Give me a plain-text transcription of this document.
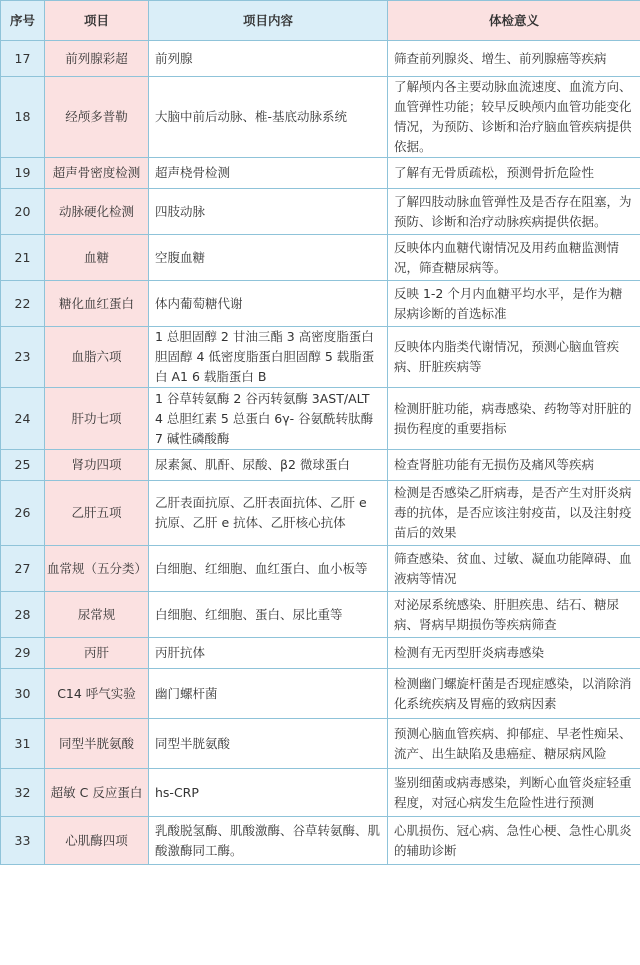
序号	项目	项目内容	体检意义
17	前列腺彩超	前列腺	筛查前列腺炎、增生、前列腺癌等疾病
18	经颅多普勒	大脑中前后动脉、椎-基底动脉系统	了解颅内各主要动脉血流速度、血流方向、血管弹性功能；较早反映颅内血管功能变化情况，为预防、诊断和治疗脑血管疾病提供依据。
19	超声骨密度检测	超声桡骨检测	了解有无骨质疏松，预测骨折危险性
20	动脉硬化检测	四肢动脉	了解四肢动脉血管弹性及是否存在阻塞，为预防、诊断和治疗动脉疾病提供依据。
21	血糖	空腹血糖	反映体内血糖代谢情况及用药血糖监测情况，筛查糖尿病等。
22	糖化血红蛋白	体内葡萄糖代谢	反映 1-2 个月内血糖平均水平，是作为糖尿病诊断的首选标准
23	血脂六项	1 总胆固醇 2 甘油三酯 3 高密度脂蛋白胆固醇 4 低密度脂蛋白胆固醇 5 载脂蛋白 A1 6 载脂蛋白 B	反映体内脂类代谢情况，预测心脑血管疾病、肝脏疾病等
24	肝功七项	1 谷草转氨酶 2 谷丙转氨酶 3AST/ALT 4 总胆红素 5 总蛋白 6γ- 谷氨酰转肽酶 7 碱性磷酸酶	检测肝脏功能，病毒感染、药物等对肝脏的损伤程度的重要指标
25	肾功四项	尿素氮、肌酐、尿酸、β2 微球蛋白	检查肾脏功能有无损伤及痛风等疾病
26	乙肝五项	乙肝表面抗原、乙肝表面抗体、乙肝 e 抗原、乙肝 e 抗体、乙肝核心抗体	检测是否感染乙肝病毒，是否产生对肝炎病毒的抗体，是否应该注射疫苗，以及注射疫苗后的效果
27	血常规（五分类）	白细胞、红细胞、血红蛋白、血小板等	筛查感染、贫血、过敏、凝血功能障碍、血液病等情况
28	尿常规	白细胞、红细胞、蛋白、尿比重等	对泌尿系统感染、肝胆疾患、结石、糖尿病、肾病早期损伤等疾病筛查
29	丙肝	丙肝抗体	检测有无丙型肝炎病毒感染
30	C14 呼气实验	幽门螺杆菌	检测幽门螺旋杆菌是否现症感染，以消除消化系统疾病及胃癌的致病因素
31	同型半胱氨酸	同型半胱氨酸	预测心脑血管疾病、抑郁症、早老性痴呆、流产、出生缺陷及患癌症、糖尿病风险
32	超敏 C 反应蛋白	hs-CRP	鉴别细菌或病毒感染，判断心血管炎症轻重程度，对冠心病发生危险性进行预测
33	心肌酶四项	乳酸脱氢酶、肌酸激酶、谷草转氨酶、肌酸激酶同工酶。	心肌损伤、冠心病、急性心梗、急性心肌炎的辅助诊断
